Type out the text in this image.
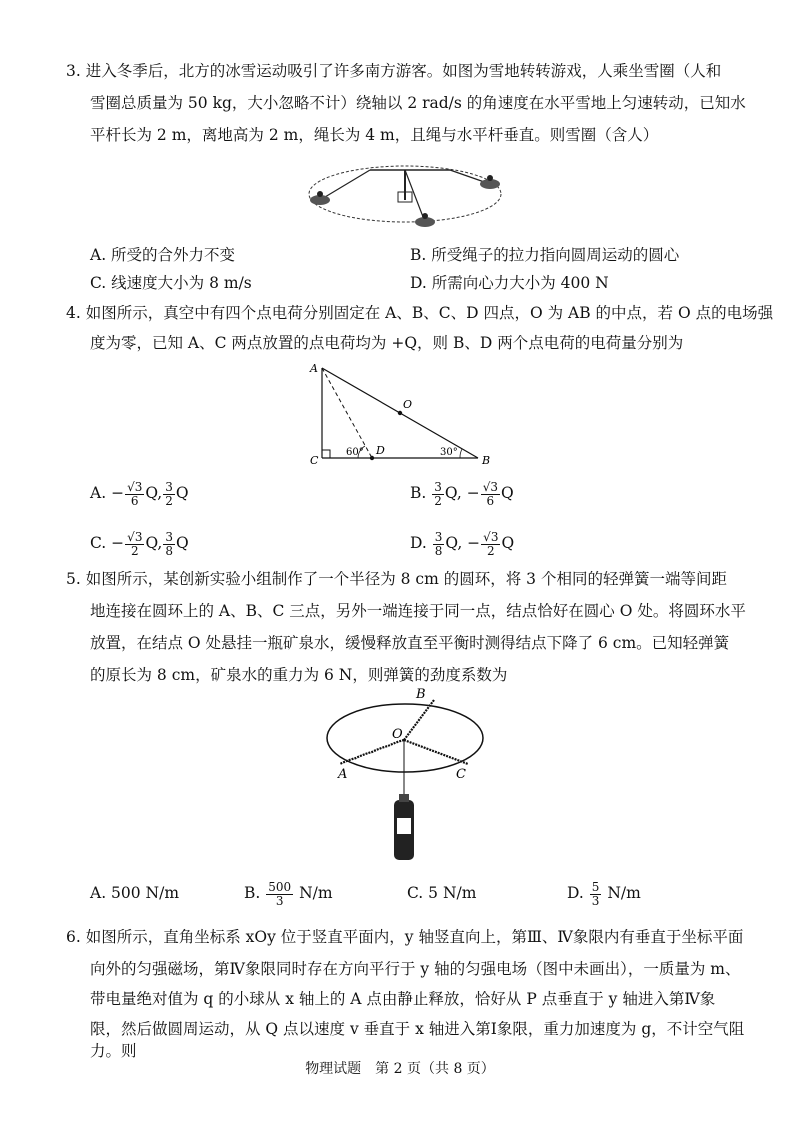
3. 进入冬季后，北方的冰雪运动吸引了许多南方游客。如图为雪地转转游戏，人乘坐雪圈（人和
雪圈总质量为 50 kg，大小忽略不计）绕轴以 2 rad/s 的角速度在水平雪地上匀速转动，已知水
平杆长为 2 m，离地高为 2 m，绳长为 4 m，且绳与水平杆垂直。则雪圈（含人）
A. 所受的合外力不变	B. 所受绳子的拉力指向圆周运动的圆心
C. 线速度大小为 8 m/s	D. 所需向心力大小为 400 N
4. 如图所示，真空中有四个点电荷分别固定在 A、B、C、D 四点，O 为 AB 的中点，若 O 点的电场强
度为零，已知 A、C 两点放置的点电荷均为 +Q，则 B、D 两个点电荷的电荷量分别为
A
O
C
D
B
60°	30°
A. − $\frac{√3}{6} Q$, $\frac{3}{2}$ Q	B. $\frac{3}{2} Q$, − $\frac{√3}{6}$ Q
C. − $\frac{√3}{2} Q$, $\frac{3}{8}$ Q	D. $\frac{3}{8} Q$, − $\frac{√3}{2}$ Q
5. 如图所示，某创新实验小组制作了一个半径为 8 cm 的圆环，将 3 个相同的轻弹簧一端等间距
地连接在圆环上的 A、B、C 三点，另外一端连接于同一点，结点恰好在圆心 O 处。将圆环水平
放置，在结点 O 处悬挂一瓶矿泉水，缓慢释放直至平衡时测得结点下降了 6 cm。已知轻弹簧
的原长为 8 cm，矿泉水的重力为 6 N，则弹簧的劲度系数为
B
O
A	C
A. 500 N/m	B. $\frac{500}{3} N/m$	C. 5 N/m	D. $\frac{5}{3} N/m$
6. 如图所示，直角坐标系 xOy 位于竖直平面内，y 轴竖直向上，第Ⅲ、Ⅳ象限内有垂直于坐标平面
向外的匀强磁场，第Ⅳ象限同时存在方向平行于 y 轴的匀强电场（图中未画出），一质量为 m、
带电量绝对值为 q 的小球从 x 轴上的 A 点由静止释放，恰好从 P 点垂直于 y 轴进入第Ⅳ象
限，然后做圆周运动，从 Q 点以速度 v 垂直于 x 轴进入第Ⅰ象限，重力加速度为 g，不计空气阻
力。则
物理试题　第 2 页（共 8 页）
